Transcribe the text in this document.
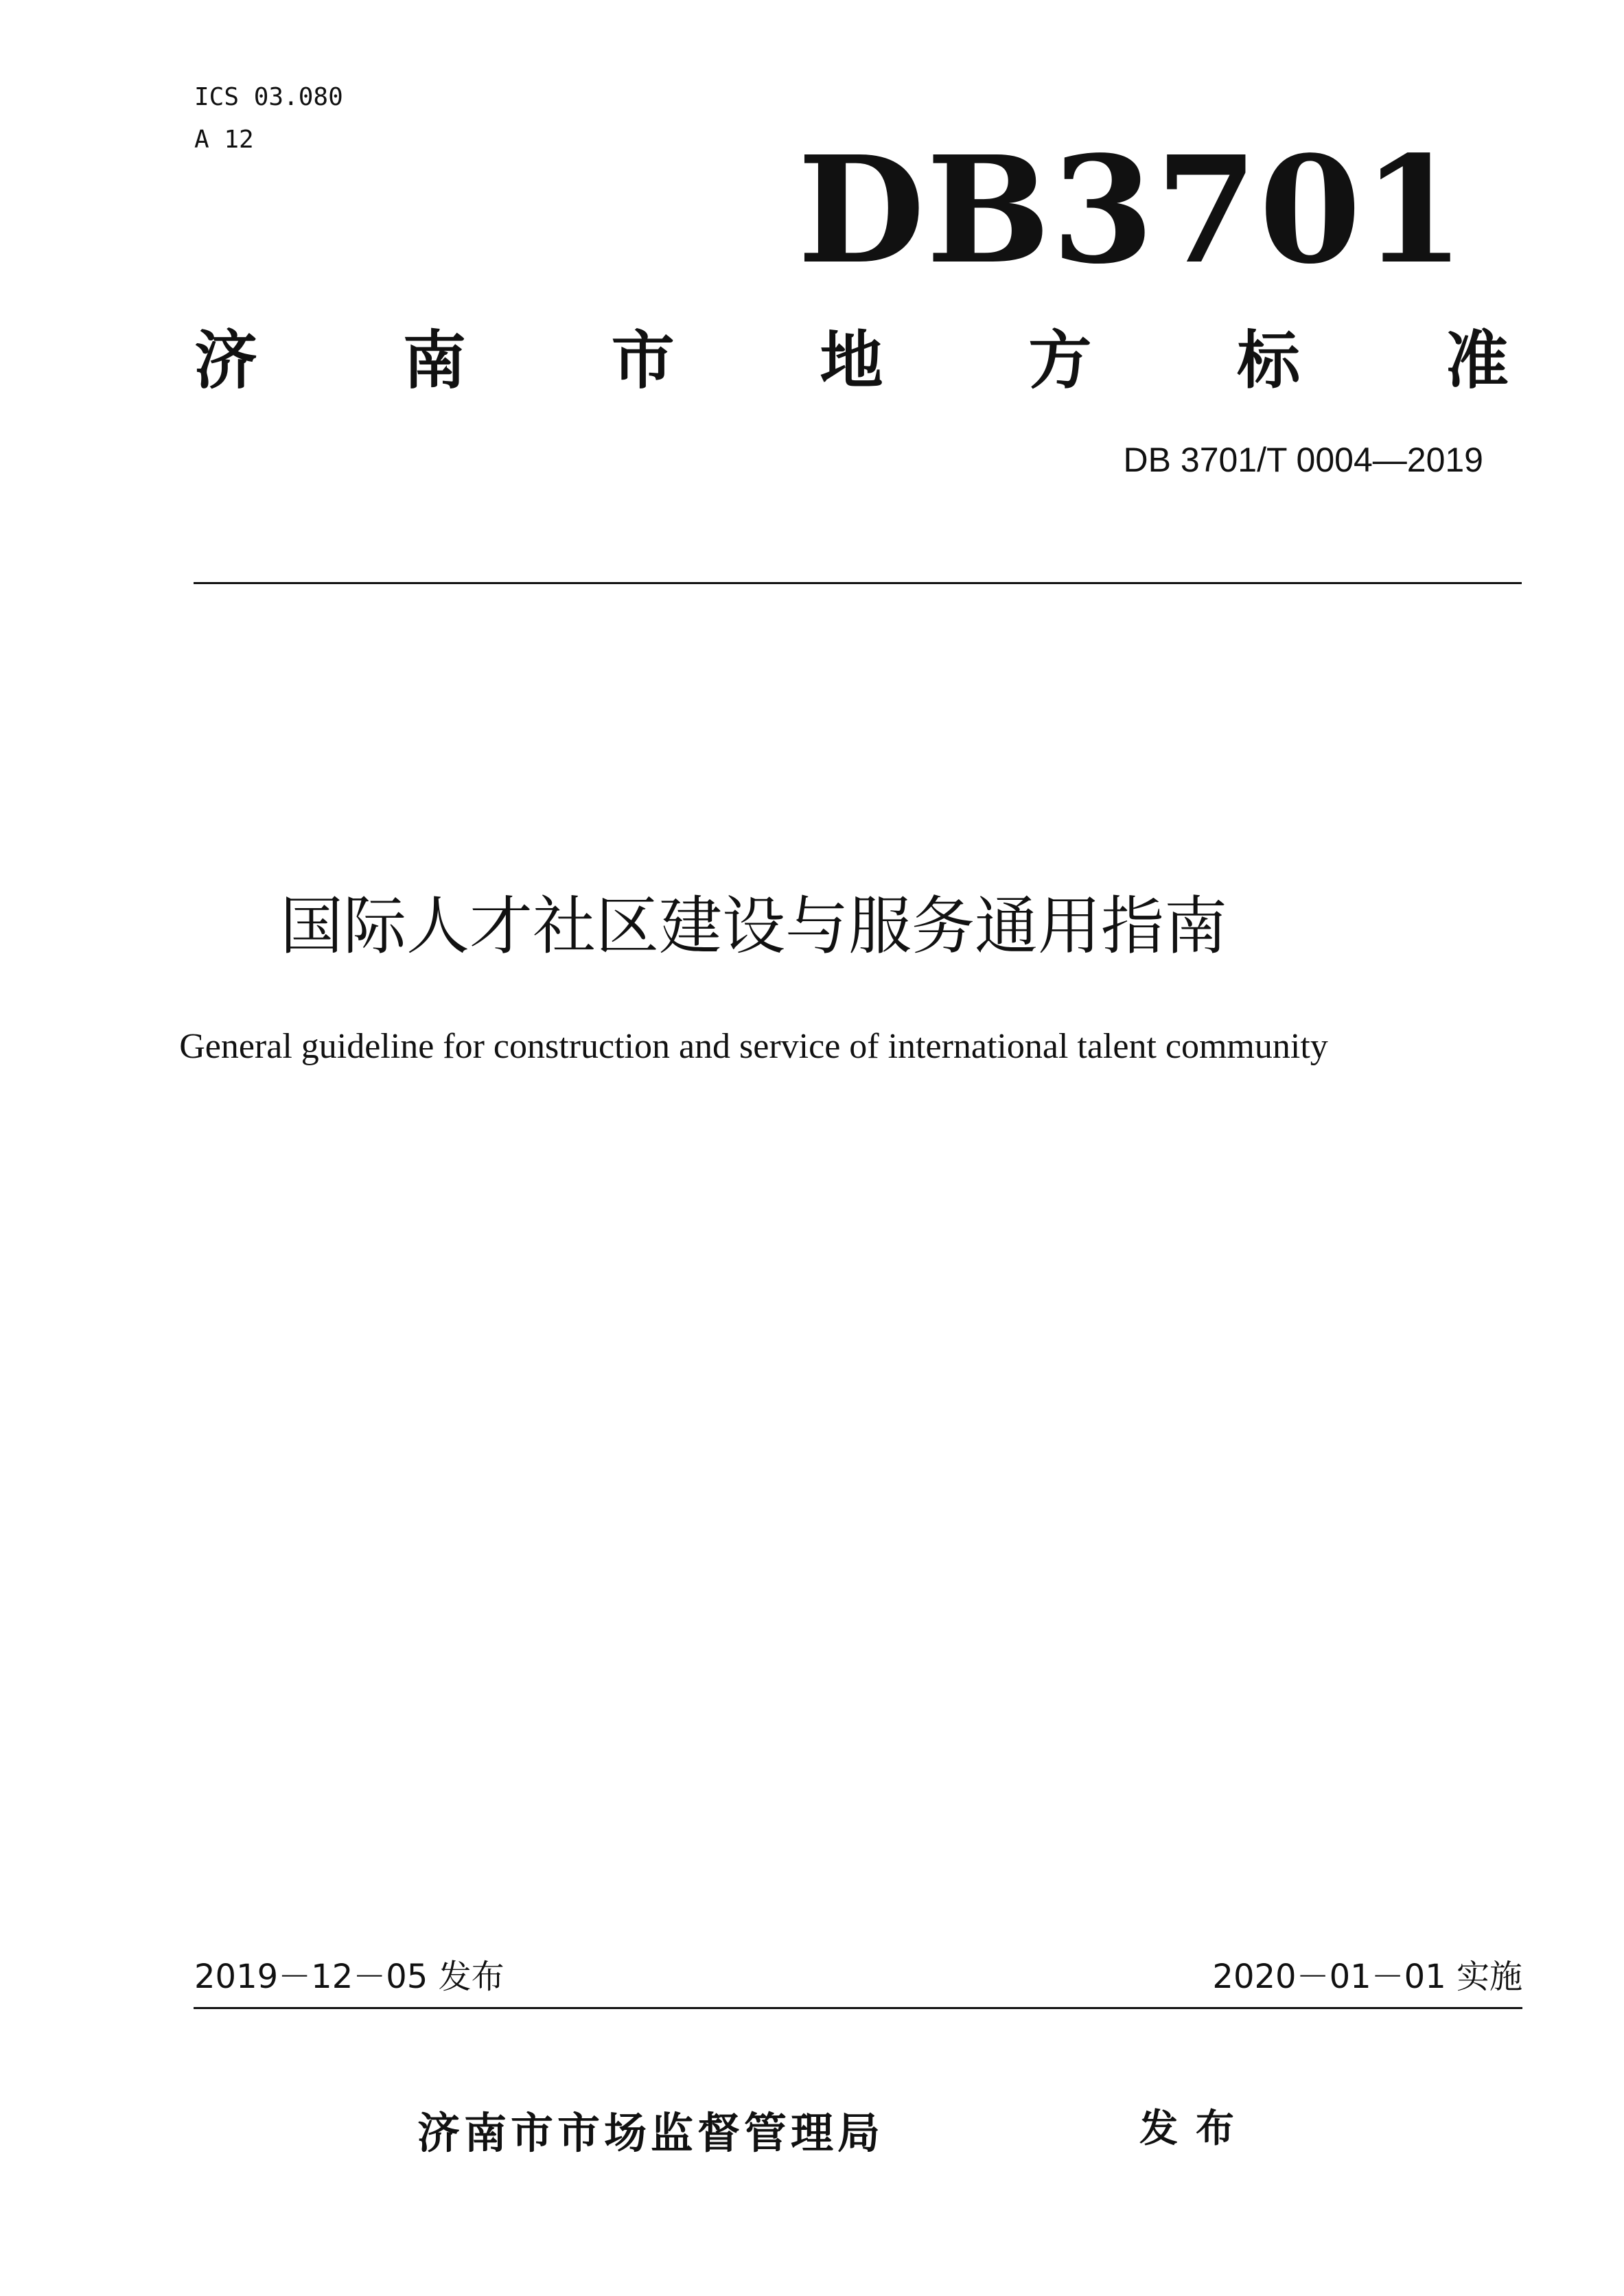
ICS 03.080

A 12	DB3701

济 南 市 地 方 标 准

DB 3701/T 0004—2019

国际人才社区建设与服务通用指南

General guideline for construction and service of international talent community

2019－12－05 发布	2020－01－01 实施

济南市市场监督管理局	发布
